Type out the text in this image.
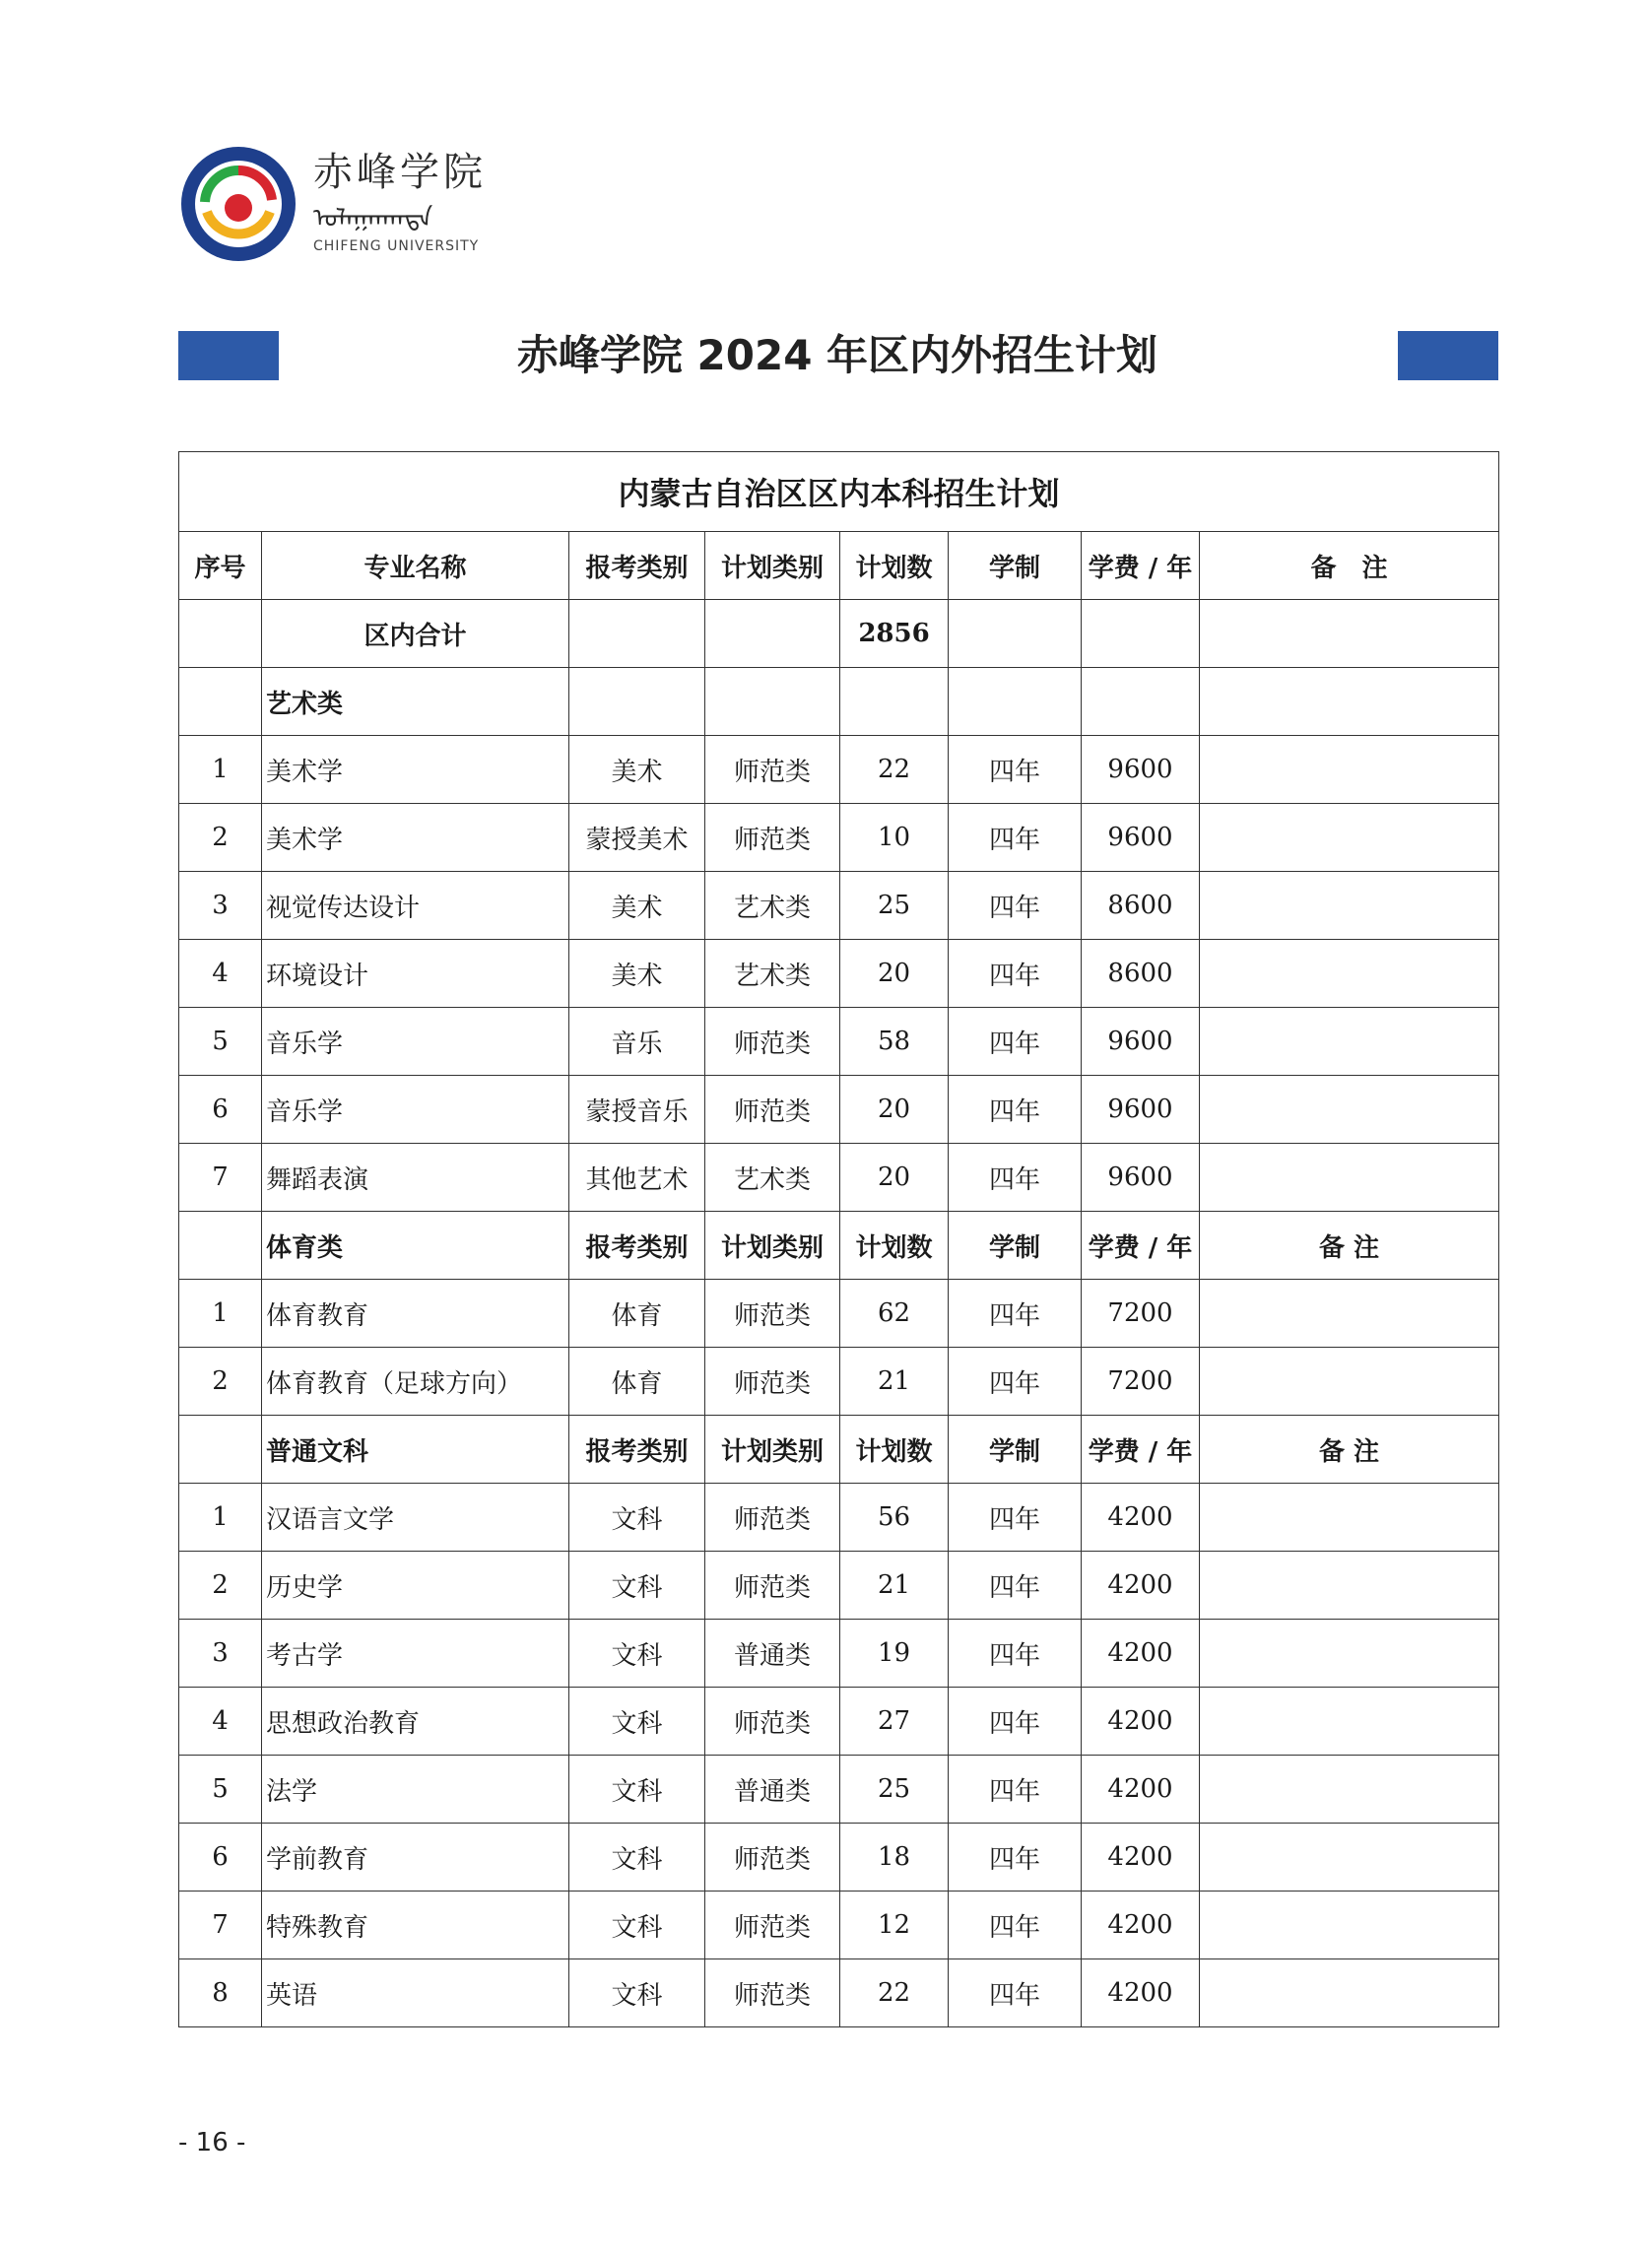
赤峰学院
ᠤᠯᠠᠭᠠᠨᠬᠠᠳᠠ
CHIFENG UNIVERSITY
赤峰学院 2024 年区内外招生计划
内蒙古自治区区内本科招生计划							
序号	专业名称	报考类别	计划类别	计划数	学制	学费 / 年	备　注
	区内合计			2856			
	艺术类						
1	美术学	美术	师范类	22	四年	9600	
2	美术学	蒙授美术	师范类	10	四年	9600	
3	视觉传达设计	美术	艺术类	25	四年	8600	
4	环境设计	美术	艺术类	20	四年	8600	
5	音乐学	音乐	师范类	58	四年	9600	
6	音乐学	蒙授音乐	师范类	20	四年	9600	
7	舞蹈表演	其他艺术	艺术类	20	四年	9600	
	体育类	报考类别	计划类别	计划数	学制	学费 / 年	备 注
1	体育教育	体育	师范类	62	四年	7200	
2	体育教育（足球方向）	体育	师范类	21	四年	7200	
	普通文科	报考类别	计划类别	计划数	学制	学费 / 年	备 注
1	汉语言文学	文科	师范类	56	四年	4200	
2	历史学	文科	师范类	21	四年	4200	
3	考古学	文科	普通类	19	四年	4200	
4	思想政治教育	文科	师范类	27	四年	4200	
5	法学	文科	普通类	25	四年	4200	
6	学前教育	文科	师范类	18	四年	4200	
7	特殊教育	文科	师范类	12	四年	4200	
8	英语	文科	师范类	22	四年	4200	
- 16 -
